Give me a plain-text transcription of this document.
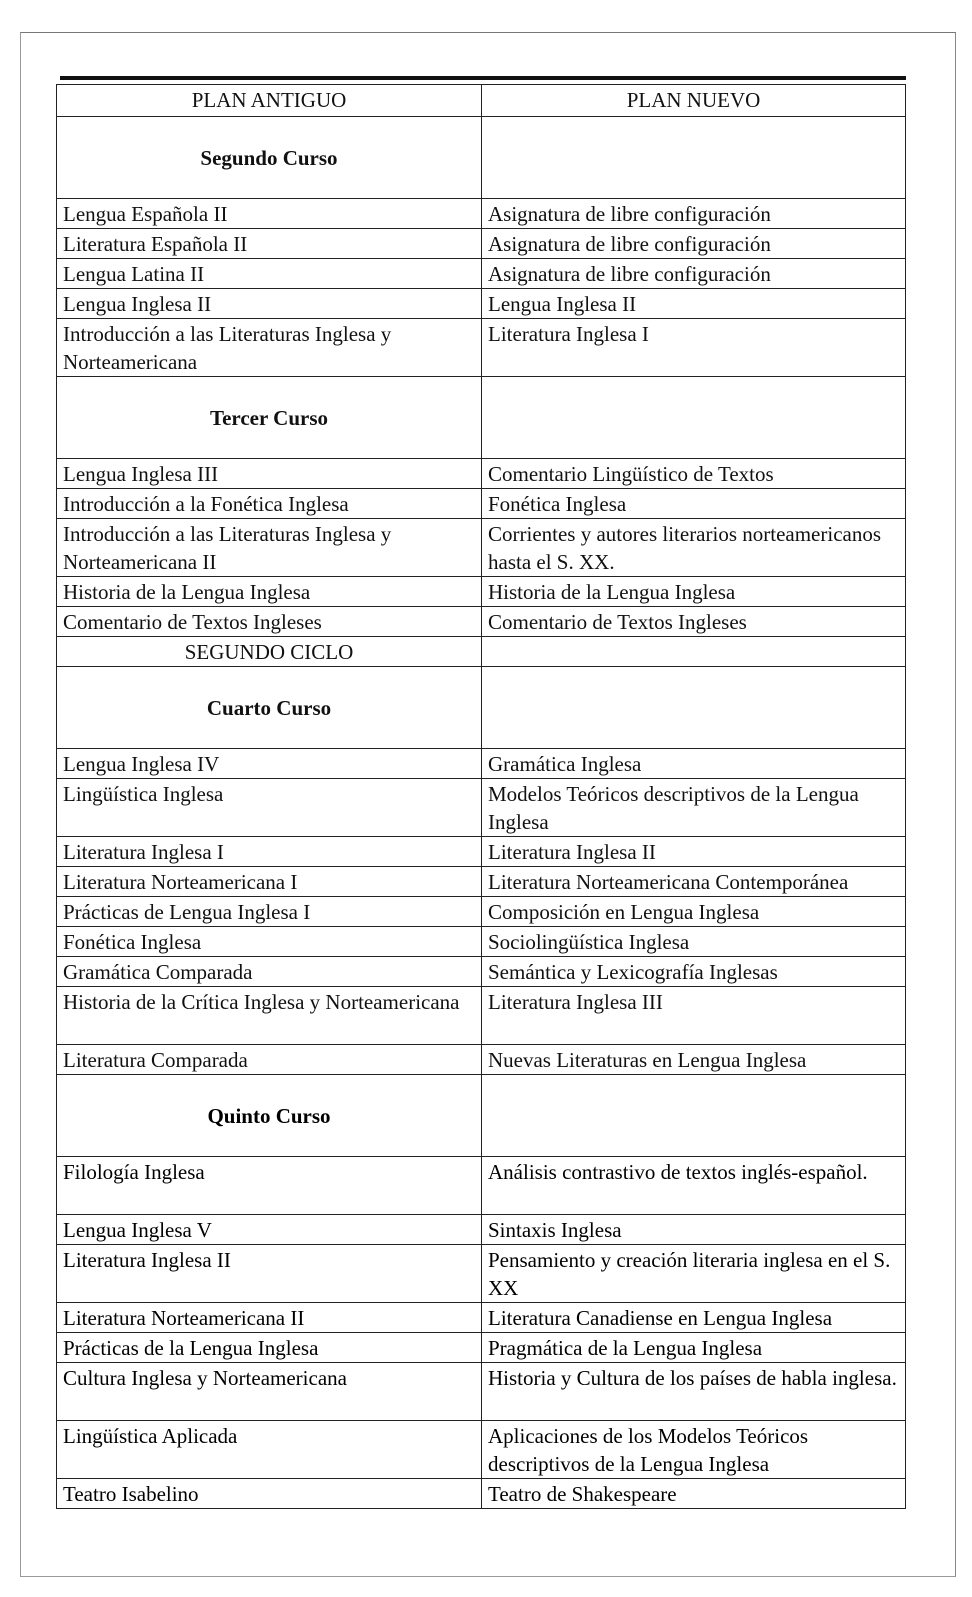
PLAN ANTIGUO	PLAN NUEVO
Segundo Curso	
Lengua Española II	Asignatura de libre configuración
Literatura Española II	Asignatura de libre configuración
Lengua Latina II	Asignatura de libre configuración
Lengua Inglesa II	Lengua Inglesa II
Introducción a las Literaturas Inglesa y Norteamericana	Literatura Inglesa I
Tercer Curso	
Lengua Inglesa III	Comentario Lingüístico de Textos
Introducción a la Fonética Inglesa	Fonética Inglesa
Introducción a las Literaturas Inglesa y Norteamericana II	Corrientes y autores literarios norteamericanos hasta el S. XX.
Historia de la Lengua Inglesa	Historia de la Lengua Inglesa
Comentario de Textos Ingleses	Comentario de Textos Ingleses
SEGUNDO CICLO	
Cuarto Curso	
Lengua Inglesa IV	Gramática Inglesa
Lingüística Inglesa	Modelos Teóricos descriptivos de la Lengua Inglesa
Literatura Inglesa I	Literatura Inglesa II
Literatura Norteamericana I	Literatura Norteamericana Contemporánea
Prácticas de Lengua Inglesa I	Composición en Lengua Inglesa
Fonética Inglesa	Sociolingüística Inglesa
Gramática Comparada	Semántica y Lexicografía Inglesas
Historia de la Crítica Inglesa y Norteamericana	Literatura Inglesa III
Literatura Comparada	Nuevas Literaturas en Lengua Inglesa
Quinto Curso	
Filología Inglesa	Análisis contrastivo de textos inglés-español.
Lengua Inglesa V	Sintaxis Inglesa
Literatura Inglesa II	Pensamiento y creación literaria inglesa en el S. XX
Literatura Norteamericana II	Literatura Canadiense en Lengua Inglesa
Prácticas de la Lengua Inglesa	Pragmática de la Lengua Inglesa
Cultura Inglesa y Norteamericana	Historia y Cultura de los países de habla inglesa.
Lingüística Aplicada	Aplicaciones de los Modelos Teóricos descriptivos de la Lengua Inglesa
Teatro Isabelino	Teatro de Shakespeare
